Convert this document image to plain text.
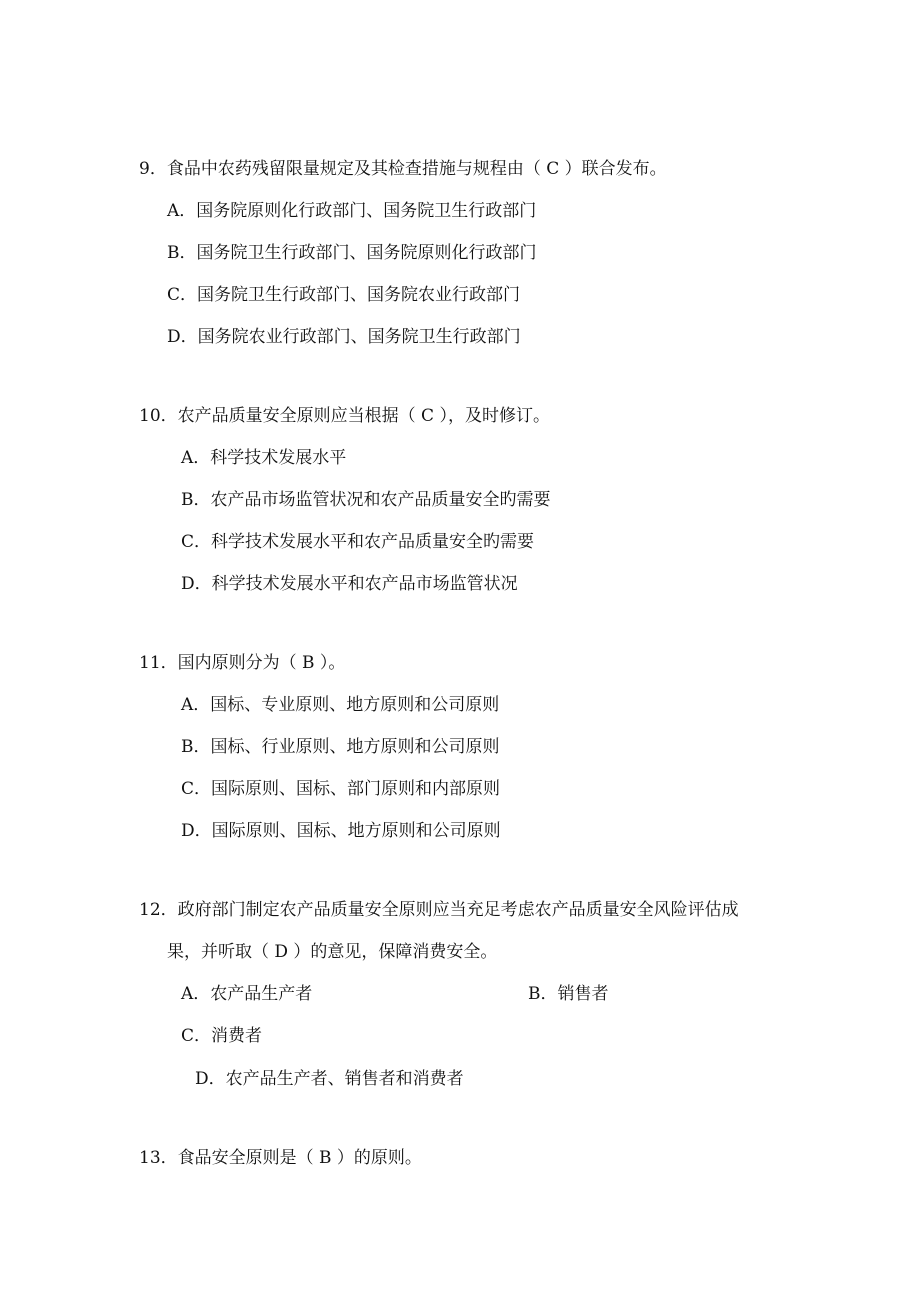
9．食品中农药残留限量规定及其检查措施与规程由（ C ）联合发布。
A．国务院原则化行政部门、国务院卫生行政部门
B．国务院卫生行政部门、国务院原则化行政部门
C．国务院卫生行政部门、国务院农业行政部门
D．国务院农业行政部门、国务院卫生行政部门
10．农产品质量安全原则应当根据（ C ），及时修订。
A．科学技术发展水平
B．农产品市场监管状况和农产品质量安全旳需要
C．科学技术发展水平和农产品质量安全旳需要
D．科学技术发展水平和农产品市场监管状况
11．国内原则分为（ B ）。
A．国标、专业原则、地方原则和公司原则
B．国标、行业原则、地方原则和公司原则
C．国际原则、国标、部门原则和内部原则
D．国际原则、国标、地方原则和公司原则
12．政府部门制定农产品质量安全原则应当充足考虑农产品质量安全风险评估成
果，并听取（ D ）的意见，保障消费安全。
A．农产品生产者	B．销售者
C．消费者
D．农产品生产者、销售者和消费者
13．食品安全原则是（ B ）的原则。
